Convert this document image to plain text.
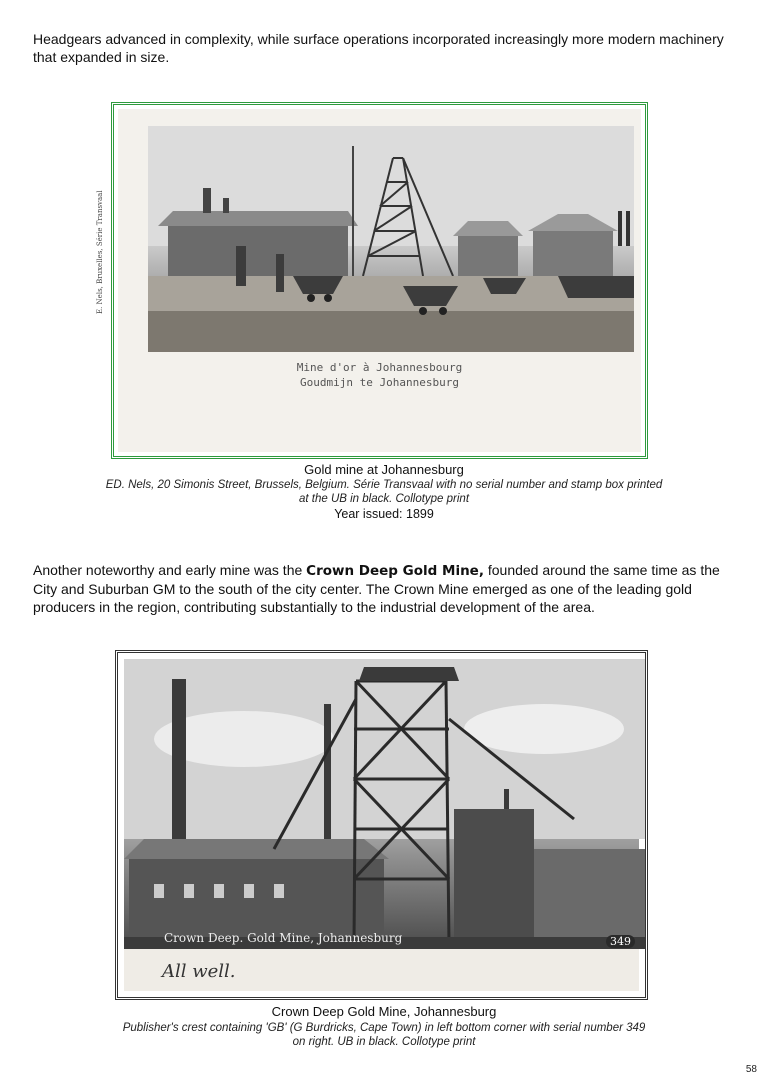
Headgears advanced in complexity, while surface operations incorporated increasingly more modern machinery that expanded in size.
E. Nels, Bruxelles, Série Transvaal
Mine d'or à Johannesbourg
Goudmijn te Johannesburg
Gold mine at Johannesburg
ED. Nels, 20 Simonis Street, Brussels, Belgium. Série Transvaal with no serial number and stamp box printed at the UB in black. Collotype print
Year issued: 1899
Another noteworthy and early mine was the Crown Deep Gold Mine, founded around the same time as the City and Suburban GM to the south of the city center. The Crown Mine emerged as one of the leading gold producers in the region, contributing substantially to the industrial development of the area.
Crown Deep. Gold Mine, Johannesburg	349
All well.
Crown Deep Gold Mine, Johannesburg
Publisher's crest containing 'GB' (G Burdricks, Cape Town) in left bottom corner with serial number 349 on right. UB in black. Collotype print
58
